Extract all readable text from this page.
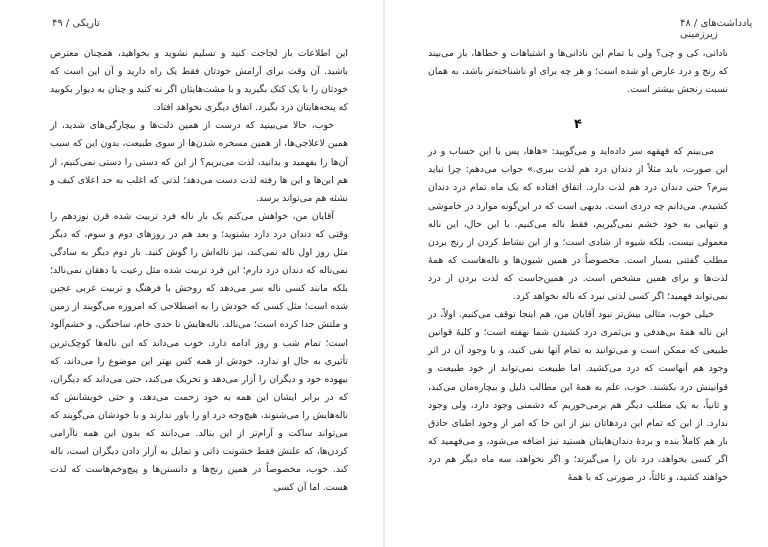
تاریکی / ۴۹

این اطلاعات باز لجاجت کنید و تسلیم نشوید و بخواهید، همچنان معترض باشید. آن وقت برای آرامش خودتان فقط یک راه دارید و آن این است که خودتان را با یک کتک بگیرید و با مشت‌هایتان اگر نه کنید و چنان به دیوار بکوبید که پنجه‌هایتان درد بگیرد. اتفاق دیگری نخواهد افتاد.

خوب، حالا می‌بینید که درست از همین ذلت‌ها و بیچارگی‌های شدید، از همین لاعلاجی‌ها، از همین مسخره شدن‌ها از سوی طبیعت، بدون این که سبب آن‌ها را بفهمید و بدانید، لذت می‌بریم؟ از این که دستی را دستی نمی‌کنیم، از هم این‌ها و این ها رفته لذت دست می‌دهد؛ لذتی که اغلب به حد اعلای کیف و نشئه هم می‌تواند برسد.

آقایان من، خواهش می‌کنم یک بار ناله فرد تربیت شده قرن نوزدهم را وقتی که دندان درد دارد بشنوید؛ و بعد هم در روزهای دوم و سوم، که دیگر مثل روز اول ناله نمی‌کند، نیز ناله‌اش را گوش کنید. بار دوم دیگر به سادگی نمی‌ناله که دندان درد دارم؛ این فرد تربیت شده مثل رعیت یا دهقان نمی‌نالد؛ بلکه مانند کسی ناله سر می‌دهد که روحش با فرهنگ و تربیت غربی عجین شده است؛ مثل کسی که خودش را به اصطلاحی که امروزه می‌گویند از زمین و ملتش جدا کرده است؛ می‌نالد. ناله‌هایش تا حدی خام، ساختگی، و خشم‌آلود است؛ تمام شب و روز ادامه دارد. خوب می‌داند که این ناله‌ها کوچک‌ترین تأثیری به حال او ندارد. خودش از همه کس بهتر این موضوع را می‌داند، که بیهوده خود و دیگران را آزار می‌دهد و تحریک می‌کند، حتی می‌داند که دیگران، که در برابر ایشان این همه به خود زحمت می‌دهد، و حتی خویشانش که ناله‌هایش را می‌شنوند، هیچ‌وجه درد او را باور ندارند و با خودشان می‌گویند که می‌تواند ساکت و آرام‌تر از این بنالد. می‌دانند که بدون این همه ناآرامی کردن‌ها، که علتش فقط خشونت ذاتی و تمایل به آزار دادن دیگران است، ناله کند. خوب، مخصوصاً در همین رنج‌ها و دانستن‌ها و پیچ‌وخم‌هاست که لذت هست. اما آن کسی

۴۸ / یادداشت‌های زیرزمینی

نادانی، کی و چی؟ ولی با تمام این نادانی‌ها و اشتباهات و خطاها، باز می‌بیند که رنج و درد عارض او شده است؛ و هر چه برای او ناشناخته‌تر باشد، به همان نسبت رنجش بیشتر است.

۴

می‌بینم که قهقهه سر داده‌اید و می‌گویید: «ها‌ها، پس با این حساب و در این صورت، باید مثلاً از دندان درد هم لذت ببری.» جواب می‌دهم: چرا نباید ببرم؟ حتی دندان درد هم لذت دارد. اتفاق افتاده که یک ماه تمام درد دندان کشیدم. می‌دانم چه دردی است. بدیهی است که در این‌گونه موارد در خاموشی و تنهایی به خود خشم نمی‌گیریم، فقط ناله می‌کنیم. با این حال، این ناله معمولی نیست، بلکه شیوه از شادی است؛ و از این نشاط کردن از رنج بردن مطلب گفتنی بسیار است. مخصوصاً در همین شیون‌ها و ناله‌هاست که همهٔ لذت‌ها و برای همین مشخص است. در همین‌جاست که لذت بردن از درد نمی‌تواند فهمید؛ اگر کسی لذتی نبرد که ناله نخواهد کرد.

خیلی خوب، مثالی بیش‌تر نبود آقایان من، هم اینجا توقف می‌کنیم. اولاً، در این ناله همهٔ بی‌هدفی و بی‌ثمری درد کشیدن شما نهفته است؛ و کلیهٔ قوانین طبیعی که ممکن است و می‌توانید به تمام آنها نفی کنید، و با وجود آن در اثر وجود هم آنهاست که درد می‌کشید. اما طبیعت نمی‌تواند از خود طبیعت و قوانینش درد بکشند. خوب، علم به همهٔ این مطالب ذلیل و بیچاره‌مان می‌کند، و ثانیاً، به یک مطلب دیگر هم برمی‌خوریم که دشمنی وجود دارد، ولی وجود ندارد. از این که تمام این دردهاتان نیز از این جا که امر از وجود اطبای حاذق بار هم کاملاً بنده و بردهٔ دندان‌هایتان هستید نیز اضافه می‌شود، و می‌فهمید که اگر کسی بخواهد، درد تان را می‌گیرند؛ و اگر نخواهد، سه ماه دیگر هم درد خواهند کشید، و ثالثاً، در صورتی که با همهٔ
